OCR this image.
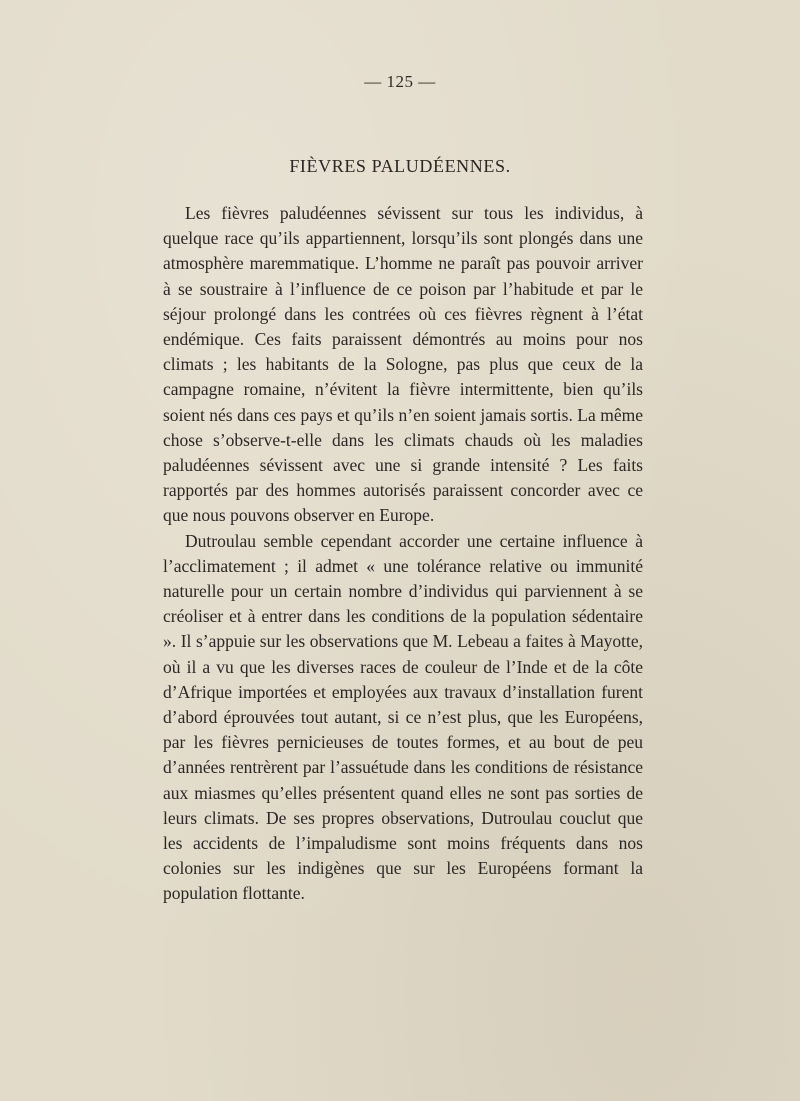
— 125 —
FIÈVRES PALUDÉENNES.

Les fièvres paludéennes sévissent sur tous les individus, à quelque race qu’ils appartiennent, lorsqu’ils sont plongés dans une atmosphère maremmatique. L’homme ne paraît pas pouvoir arriver à se soustraire à l’influence de ce poison par l’habitude et par le séjour prolongé dans les contrées où ces fièvres règnent à l’état endémique. Ces faits paraissent démontrés au moins pour nos climats ; les habitants de la Sologne, pas plus que ceux de la campagne romaine, n’évitent la fièvre intermittente, bien qu’ils soient nés dans ces pays et qu’ils n’en soient jamais sortis. La même chose s’observe-t-elle dans les climats chauds où les maladies paludéennes sévissent avec une si grande intensité ? Les faits rapportés par des hommes autorisés paraissent concorder avec ce que nous pouvons observer en Europe.

Dutroulau semble cependant accorder une certaine influence à l’acclimatement ; il admet « une tolérance relative ou immunité naturelle pour un certain nombre d’individus qui parviennent à se créoliser et à entrer dans les conditions de la population sédentaire ». Il s’appuie sur les observations que M. Lebeau a faites à Mayotte, où il a vu que les diverses races de couleur de l’Inde et de la côte d’Afrique importées et employées aux travaux d’installation furent d’abord éprouvées tout autant, si ce n’est plus, que les Européens, par les fièvres pernicieuses de toutes formes, et au bout de peu d’années rentrèrent par l’assuétude dans les conditions de résistance aux miasmes qu’elles présentent quand elles ne sont pas sorties de leurs climats. De ses propres observations, Dutroulau couclut que les accidents de l’impaludisme sont moins fréquents dans nos colonies sur les indigènes que sur les Européens formant la population flottante.
